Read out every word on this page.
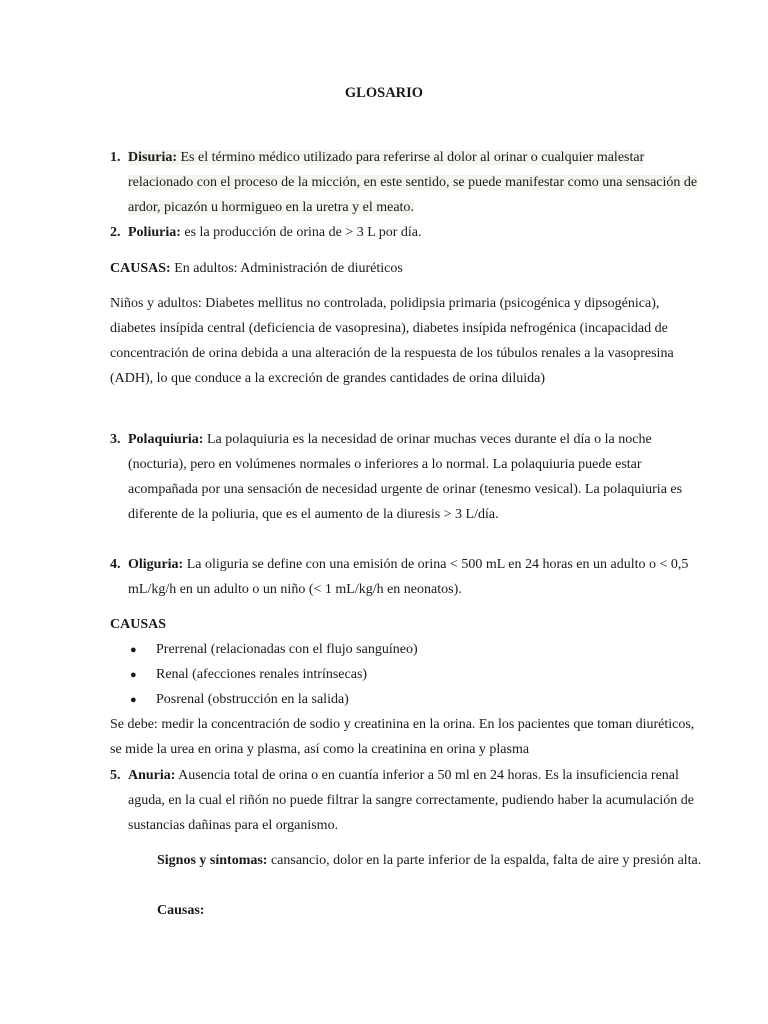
GLOSARIO
1. Disuria: Es el término médico utilizado para referirse al dolor al orinar o cualquier malestar relacionado con el proceso de la micción, en este sentido, se puede manifestar como una sensación de ardor, picazón u hormigueo en la uretra y el meato.
2. Poliuria: es la producción de orina de > 3 L por día.
CAUSAS: En adultos: Administración de diuréticos
Niños y adultos: Diabetes mellitus no controlada, polidipsia primaria (psicogénica y dipsogénica), diabetes insípida central (deficiencia de vasopresina), diabetes insípida nefrogénica (incapacidad de concentración de orina debida a una alteración de la respuesta de los túbulos renales a la vasopresina (ADH), lo que conduce a la excreción de grandes cantidades de orina diluida)
3. Polaquiuria: La polaquiuria es la necesidad de orinar muchas veces durante el día o la noche (nocturia), pero en volúmenes normales o inferiores a lo normal. La polaquiuria puede estar acompañada por una sensación de necesidad urgente de orinar (tenesmo vesical). La polaquiuria es diferente de la poliuria, que es el aumento de la diuresis > 3 L/día.
4. Oliguria: La oliguria se define con una emisión de orina < 500 mL en 24 horas en un adulto o < 0,5 mL/kg/h en un adulto o un niño (< 1 mL/kg/h en neonatos).
CAUSAS
● Prerrenal (relacionadas con el flujo sanguíneo)
● Renal (afecciones renales intrínsecas)
● Posrenal (obstrucción en la salida)
Se debe: medir la concentración de sodio y creatinina en la orina. En los pacientes que toman diuréticos, se mide la urea en orina y plasma, así como la creatinina en orina y plasma
5. Anuria: Ausencia total de orina o en cuantía inferior a 50 ml en 24 horas. Es la insuficiencia renal aguda, en la cual el riñón no puede filtrar la sangre correctamente, pudiendo haber la acumulación de sustancias dañinas para el organismo.
Signos y síntomas: cansancio, dolor en la parte inferior de la espalda, falta de aire y presión alta.
Causas:
